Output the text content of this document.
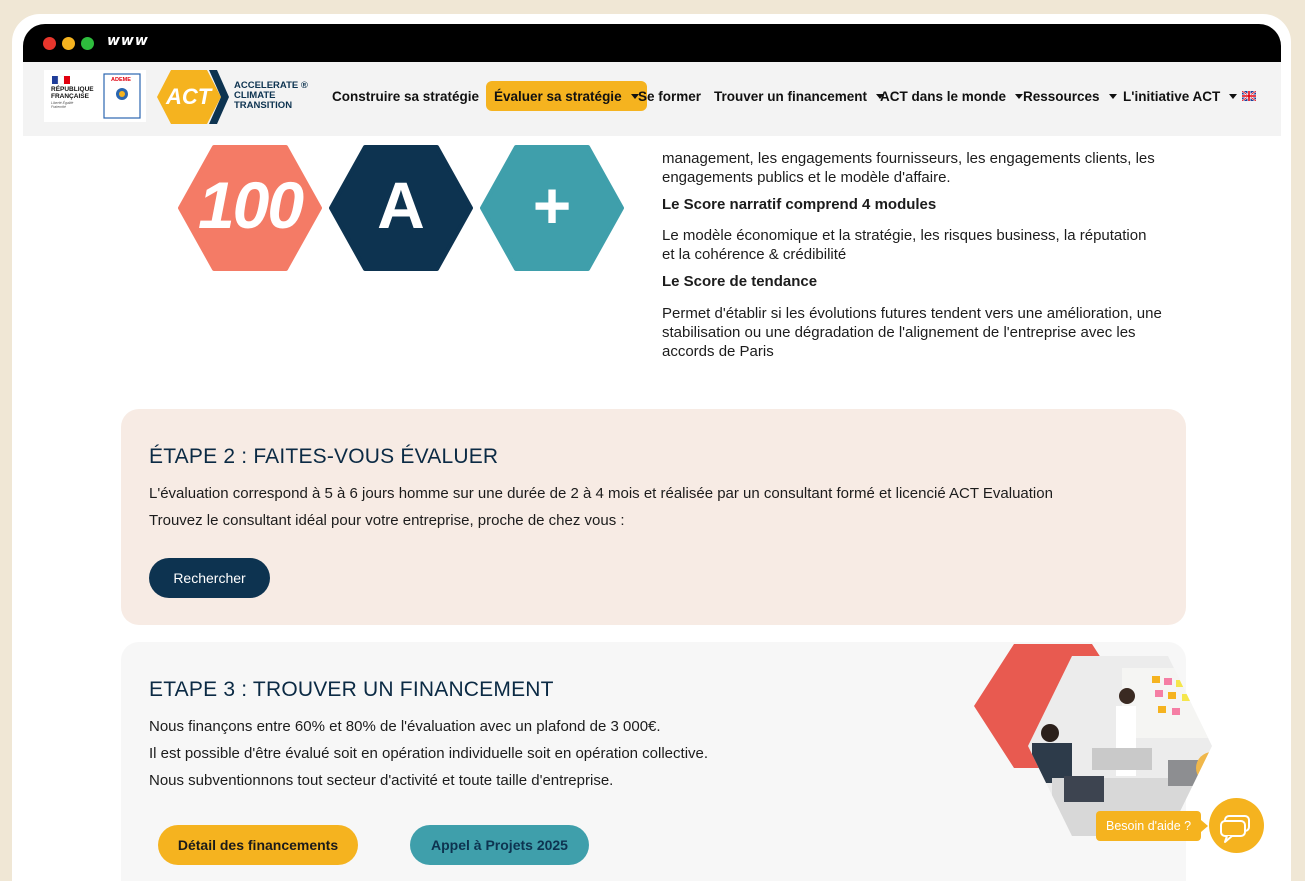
www
RÉPUBLIQUE
FRANÇAISE
Liberté Égalité Fraternité
ADEME
ACT ACCELERATE ®
CLIMATE
TRANSITION
Construire sa stratégie Évaluer sa stratégie Se former Trouver un financement ACT dans le monde Ressources L'initiative ACT
100	A	+
management, les engagements fournisseurs, les engagements clients, les engagements publics et le modèle d'affaire.
Le Score narratif comprend 4 modules
Le modèle économique et la stratégie, les risques business, la réputation et la cohérence & crédibilité
Le Score de tendance
Permet d'établir si les évolutions futures tendent vers une amélioration, une stabilisation ou une dégradation de l'alignement de l'entreprise avec les accords de Paris
ÉTAPE 2 : FAITES-VOUS ÉVALUER
L'évaluation correspond à 5 à 6 jours homme sur une durée de 2 à 4 mois et réalisée par un consultant formé et licencié ACT Evaluation
Trouvez le consultant idéal pour votre entreprise, proche de chez vous :
Rechercher
ETAPE 3 : TROUVER UN FINANCEMENT
Nous finançons entre 60% et 80% de l'évaluation avec un plafond de 3 000€.
Il est possible d'être évalué soit en opération individuelle soit en opération collective.
Nous subventionnons tout secteur d'activité et toute taille d'entreprise.
Détail des financements	Appel à Projets 2025
Besoin d'aide ?
